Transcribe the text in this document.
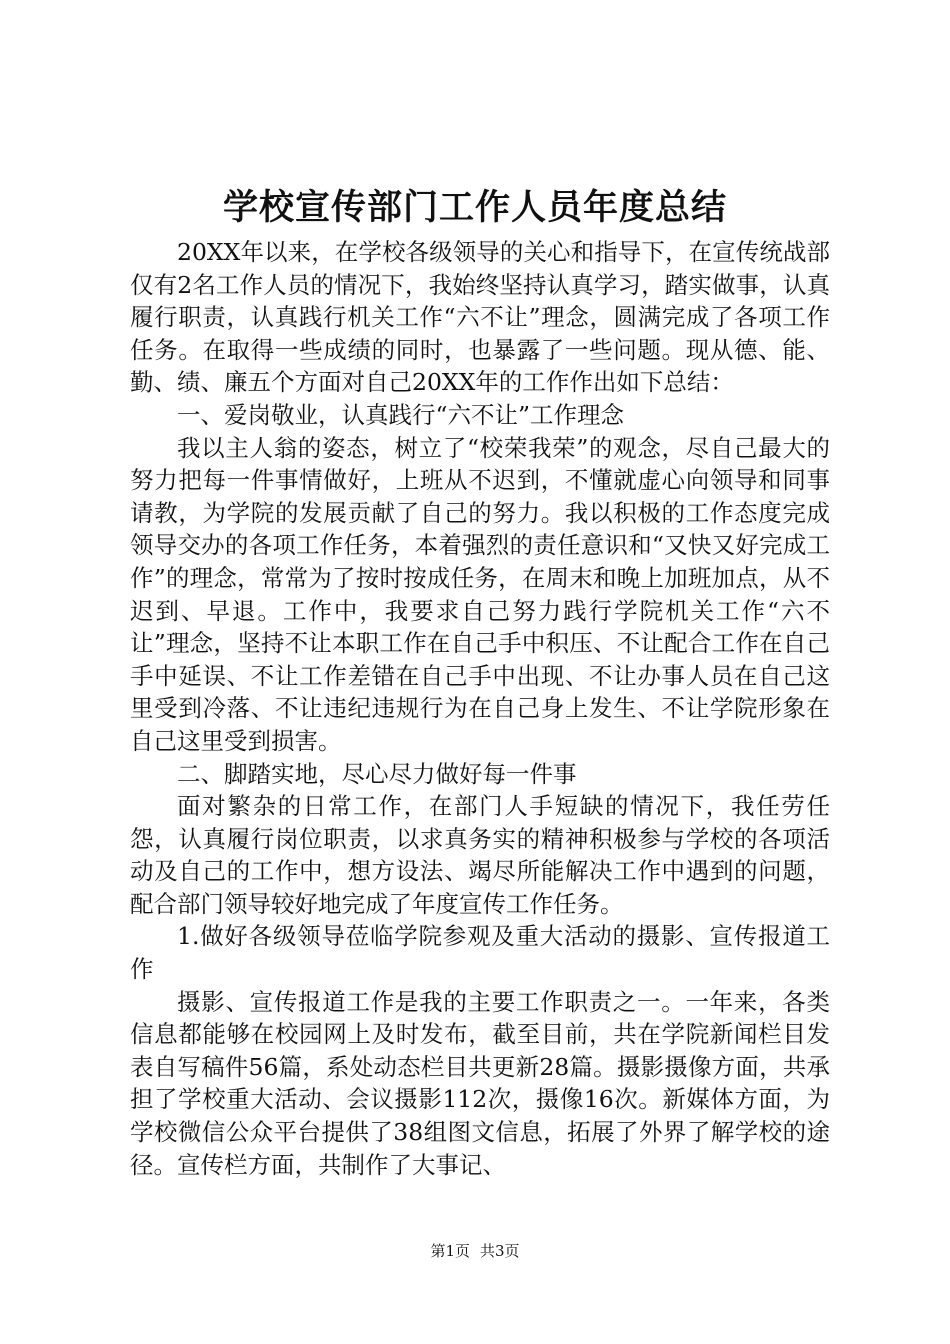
学校宣传部门工作人员年度总结

20XX年以来，在学校各级领导的关心和指导下，在宣传统战部仅有2名工作人员的情况下，我始终坚持认真学习，踏实做事，认真履行职责，认真践行机关工作“六不让”理念，圆满完成了各项工作任务。在取得一些成绩的同时，也暴露了一些问题。现从德、能、勤、绩、廉五个方面对自己20XX年的工作作出如下总结：

一、爱岗敬业，认真践行“六不让”工作理念

我以主人翁的姿态，树立了“校荣我荣”的观念，尽自己最大的努力把每一件事情做好，上班从不迟到，不懂就虚心向领导和同事请教，为学院的发展贡献了自己的努力。我以积极的工作态度完成领导交办的各项工作任务，本着强烈的责任意识和“又快又好完成工作”的理念，常常为了按时按成任务，在周末和晚上加班加点，从不迟到、早退。工作中，我要求自己努力践行学院机关工作“六不让”理念，坚持不让本职工作在自己手中积压、不让配合工作在自己手中延误、不让工作差错在自己手中出现、不让办事人员在自己这里受到冷落、不让违纪违规行为在自己身上发生、不让学院形象在自己这里受到损害。

二、脚踏实地，尽心尽力做好每一件事

面对繁杂的日常工作，在部门人手短缺的情况下，我任劳任怨，认真履行岗位职责，以求真务实的精神积极参与学校的各项活动及自己的工作中，想方设法、竭尽所能解决工作中遇到的问题，配合部门领导较好地完成了年度宣传工作任务。

1.做好各级领导莅临学院参观及重大活动的摄影、宣传报道工作

摄影、宣传报道工作是我的主要工作职责之一。一年来，各类信息都能够在校园网上及时发布，截至目前，共在学院新闻栏目发表自写稿件56篇，系处动态栏目共更新28篇。摄影摄像方面，共承担了学校重大活动、会议摄影112次，摄像16次。新媒体方面，为学校微信公众平台提供了38组图文信息，拓展了外界了解学校的途径。宣传栏方面，共制作了大事记、

第1页 共3页
